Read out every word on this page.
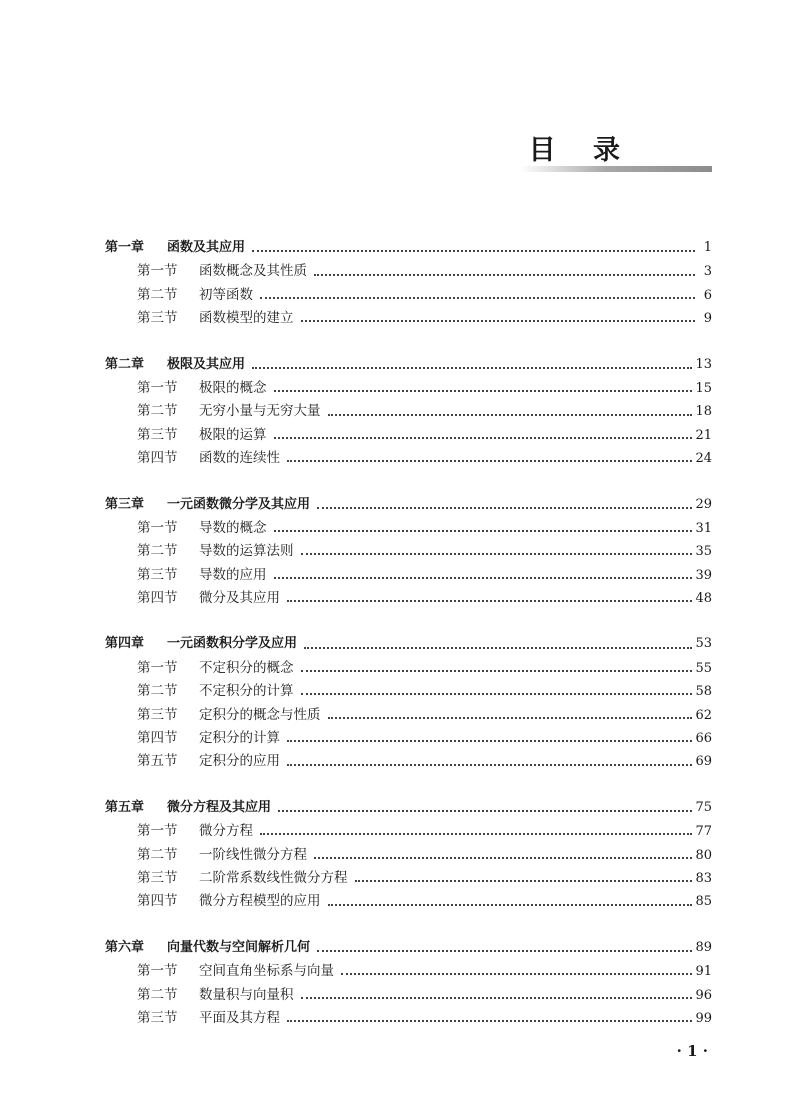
目 录
第一章	函数及其应用	1
第一节	函数概念及其性质	3
第二节	初等函数	6
第三节	函数模型的建立	9
第二章	极限及其应用	13
第一节	极限的概念	15
第二节	无穷小量与无穷大量	18
第三节	极限的运算	21
第四节	函数的连续性	24
第三章	一元函数微分学及其应用	29
第一节	导数的概念	31
第二节	导数的运算法则	35
第三节	导数的应用	39
第四节	微分及其应用	48
第四章	一元函数积分学及应用	53
第一节	不定积分的概念	55
第二节	不定积分的计算	58
第三节	定积分的概念与性质	62
第四节	定积分的计算	66
第五节	定积分的应用	69
第五章	微分方程及其应用	75
第一节	微分方程	77
第二节	一阶线性微分方程	80
第三节	二阶常系数线性微分方程	83
第四节	微分方程模型的应用	85
第六章	向量代数与空间解析几何	89
第一节	空间直角坐标系与向量	91
第二节	数量积与向量积	96
第三节	平面及其方程	99
· 1 ·
